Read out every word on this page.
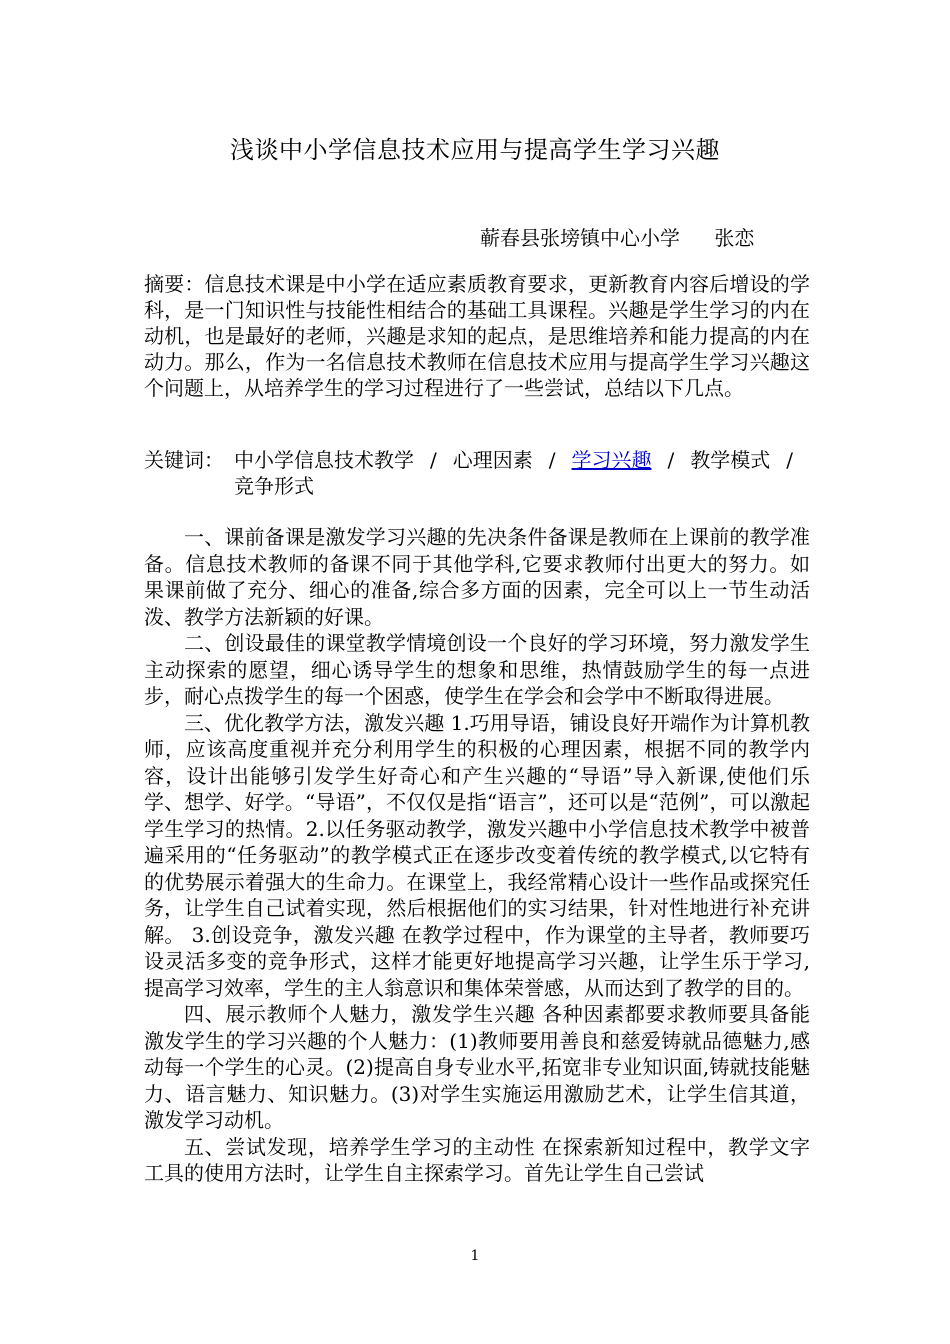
浅谈中小学信息技术应用与提高学生学习兴趣
蕲春县张塝镇中心小学 张恋
摘要：信息技术课是中小学在适应素质教育要求，更新教育内容后增设的学科，是一门知识性与技能性相结合的基础工具课程。兴趣是学生学习的内在动机，也是最好的老师，兴趣是求知的起点，是思维培养和能力提高的内在动力。那么，作为一名信息技术教师在信息技术应用与提高学生学习兴趣这个问题上，从培养学生的学习过程进行了一些尝试，总结以下几点。
关键词： 中小学信息技术教学 / 心理因素 / 学习兴趣 / 教学模式 /竞争形式

一、课前备课是激发学习兴趣的先决条件备课是教师在上课前的教学准备。信息技术教师的备课不同于其他学科,它要求教师付出更大的努力。如果课前做了充分、细心的准备,综合多方面的因素，完全可以上一节生动活泼、教学方法新颖的好课。

二、创设最佳的课堂教学情境创设一个良好的学习环境，努力激发学生主动探索的愿望，细心诱导学生的想象和思维，热情鼓励学生的每一点进步，耐心点拨学生的每一个困惑，使学生在学会和会学中不断取得进展。

三、优化教学方法，激发兴趣 1.巧用导语，铺设良好开端作为计算机教师，应该高度重视并充分利用学生的积极的心理因素，根据不同的教学内容，设计出能够引发学生好奇心和产生兴趣的“导语”导入新课,使他们乐学、想学、好学。“导语”，不仅仅是指“语言”，还可以是“范例”，可以激起学生学习的热情。2.以任务驱动教学，激发兴趣中小学信息技术教学中被普遍采用的“任务驱动”的教学模式正在逐步改变着传统的教学模式,以它特有的优势展示着强大的生命力。在课堂上，我经常精心设计一些作品或探究任务，让学生自己试着实现，然后根据他们的实习结果，针对性地进行补充讲解。 3.创设竞争，激发兴趣 在教学过程中，作为课堂的主导者，教师要巧设灵活多变的竞争形式，这样才能更好地提高学习兴趣，让学生乐于学习,提高学习效率，学生的主人翁意识和集体荣誉感，从而达到了教学的目的。

四、展示教师个人魅力，激发学生兴趣 各种因素都要求教师要具备能激发学生的学习兴趣的个人魅力：(1)教师要用善良和慈爱铸就品德魅力,感动每一个学生的心灵。(2)提高自身专业水平,拓宽非专业知识面,铸就技能魅力、语言魅力、知识魅力。(3)对学生实施运用激励艺术，让学生信其道，激发学习动机。

五、尝试发现，培养学生学习的主动性 在探索新知过程中，教学文字工具的使用方法时，让学生自主探索学习。首先让学生自己尝试

1
